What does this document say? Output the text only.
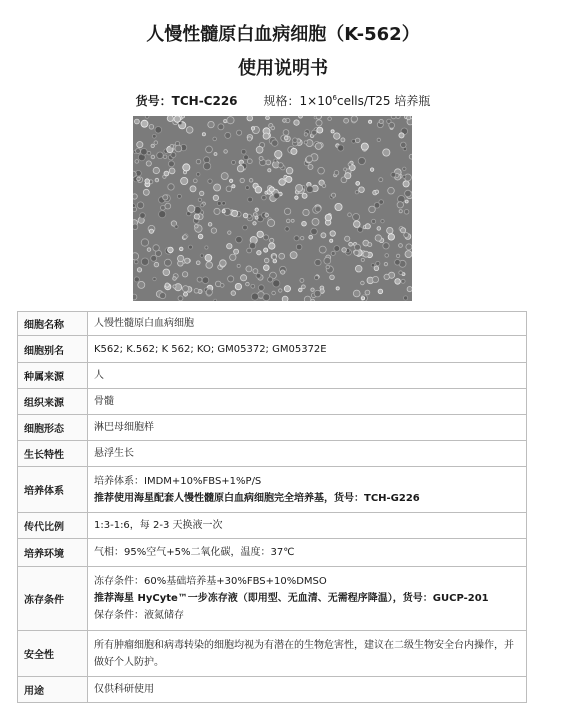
人慢性髓原白血病细胞（K-562）
使用说明书
货号：TCH-C226 规格：$1\times 10^6cells/T25$ 培养瓶
细胞名称	人慢性髓原白血病细胞
细胞别名	K562; K.562; K 562; KO; GM05372; GM05372E
种属来源	人
组织来源	骨髓
细胞形态	淋巴母细胞样
生长特性	悬浮生长
培养体系	培养体系：IMDM+10%FBS+1%P/S
推荐使用海星配套人慢性髓原白血病细胞完全培养基，货号：TCH-G226

传代比例	1:3-1:6，每 2-3 天换液一次
培养环境	气相：95%空气+5%二氧化碳，温度：37℃
冻存条件	冻存条件：60%基础培养基+30%FBS+10%DMSO
推荐海星 HyCyte™一步冻存液（即用型、无血清、无需程序降温），货号：GUCP-201
保存条件：液氮储存

安全性	所有肿瘤细胞和病毒转染的细胞均视为有潜在的生物危害性，建议在二级生物安全台内操作，并做好个人防护。
用途	仅供科研使用
